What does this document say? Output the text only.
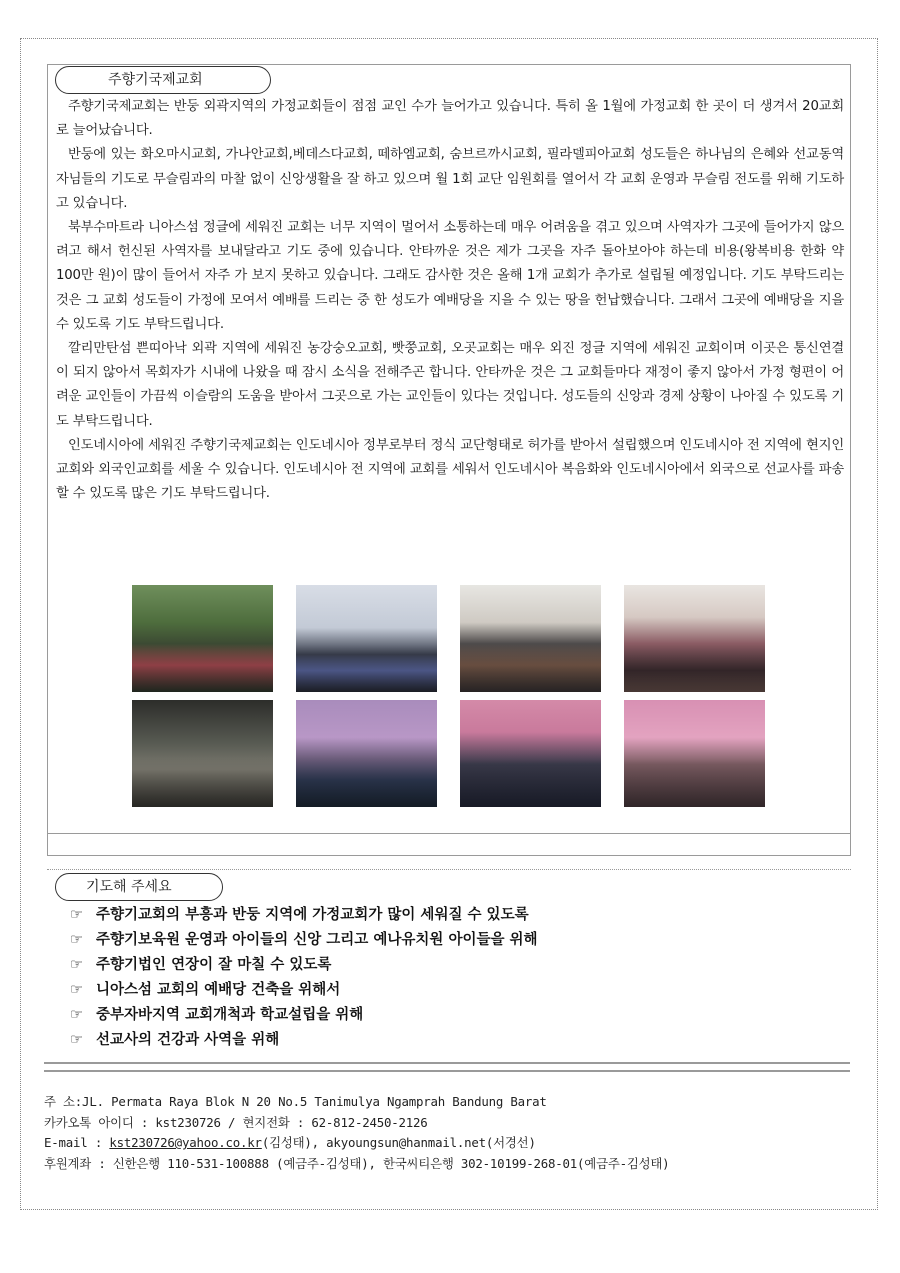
주향기국제교회

주향기국제교회는 반둥 외곽지역의 가정교회들이 점점 교인 수가 늘어가고 있습니다. 특히 올 1월에 가정교회 한 곳이 더 생겨서 20교회로 늘어났습니다.

반둥에 있는 화오마시교회, 가나안교회,베데스다교회, 떼하엠교회, 숨브르까시교회, 필라델피아교회 성도들은 하나님의 은혜와 선교동역자님들의 기도로 무슬림과의 마찰 없이 신앙생활을 잘 하고 있으며 월 1회 교단 임원회를 열어서 각 교회 운영과 무슬림 전도를 위해 기도하고 있습니다.

북부수마트라 니아스섬 정글에 세워진 교회는 너무 지역이 멀어서 소통하는데 매우 어려움을 겪고 있으며 사역자가 그곳에 들어가지 않으려고 해서 헌신된 사역자를 보내달라고 기도 중에 있습니다. 안타까운 것은 제가 그곳을 자주 돌아보아야 하는데 비용(왕복비용 한화 약 100만 원)이 많이 들어서 자주 가 보지 못하고 있습니다. 그래도 감사한 것은 올해 1개 교회가 추가로 설립될 예정입니다. 기도 부탁드리는 것은 그 교회 성도들이 가정에 모여서 예배를 드리는 중 한 성도가 예배당을 지을 수 있는 땅을 헌납했습니다. 그래서 그곳에 예배당을 지을 수 있도록 기도 부탁드립니다.

깔리만탄섬 쁜띠아낙 외곽 지역에 세워진 농강숭오교회, 빳쭝교회, 오곳교회는 매우 외진 정글 지역에 세워진 교회이며 이곳은 통신연결이 되지 않아서 목회자가 시내에 나왔을 때 잠시 소식을 전해주곤 합니다. 안타까운 것은 그 교회들마다 재정이 좋지 않아서 가정 형편이 어려운 교인들이 가끔씩 이슬람의 도움을 받아서 그곳으로 가는 교인들이 있다는 것입니다. 성도들의 신앙과 경제 상황이 나아질 수 있도록 기도 부탁드립니다.

인도네시아에 세워진 주향기국제교회는 인도네시아 정부로부터 정식 교단형태로 허가를 받아서 설립했으며 인도네시아 전 지역에 현지인교회와 외국인교회를 세울 수 있습니다. 인도네시아 전 지역에 교회를 세워서 인도네시아 복음화와 인도네시아에서 외국으로 선교사를 파송할 수 있도록 많은 기도 부탁드립니다.

기도해 주세요
☞ 주향기교회의 부흥과 반둥 지역에 가정교회가 많이 세워질 수 있도록
☞ 주향기보육원 운영과 아이들의 신앙 그리고 예나유치원 아이들을 위해
☞ 주향기법인 연장이 잘 마칠 수 있도록
☞ 니아스섬 교회의 예배당 건축을 위해서
☞ 중부자바지역 교회개척과 학교설립을 위해
☞ 선교사의 건강과 사역을 위해
주 소:JL. Permata Raya Blok N 20 No.5 Tanimulya Ngamprah Bandung Barat
카카오톡 아이디 : kst230726 / 현지전화 : 62-812-2450-2126
E-mail : kst230726@yahoo.co.kr(김성태), akyoungsun@hanmail.net(서경선)
후원계좌 : 신한은행 110-531-100888 (예금주-김성태), 한국씨티은행 302-10199-268-01(예금주-김성태)
